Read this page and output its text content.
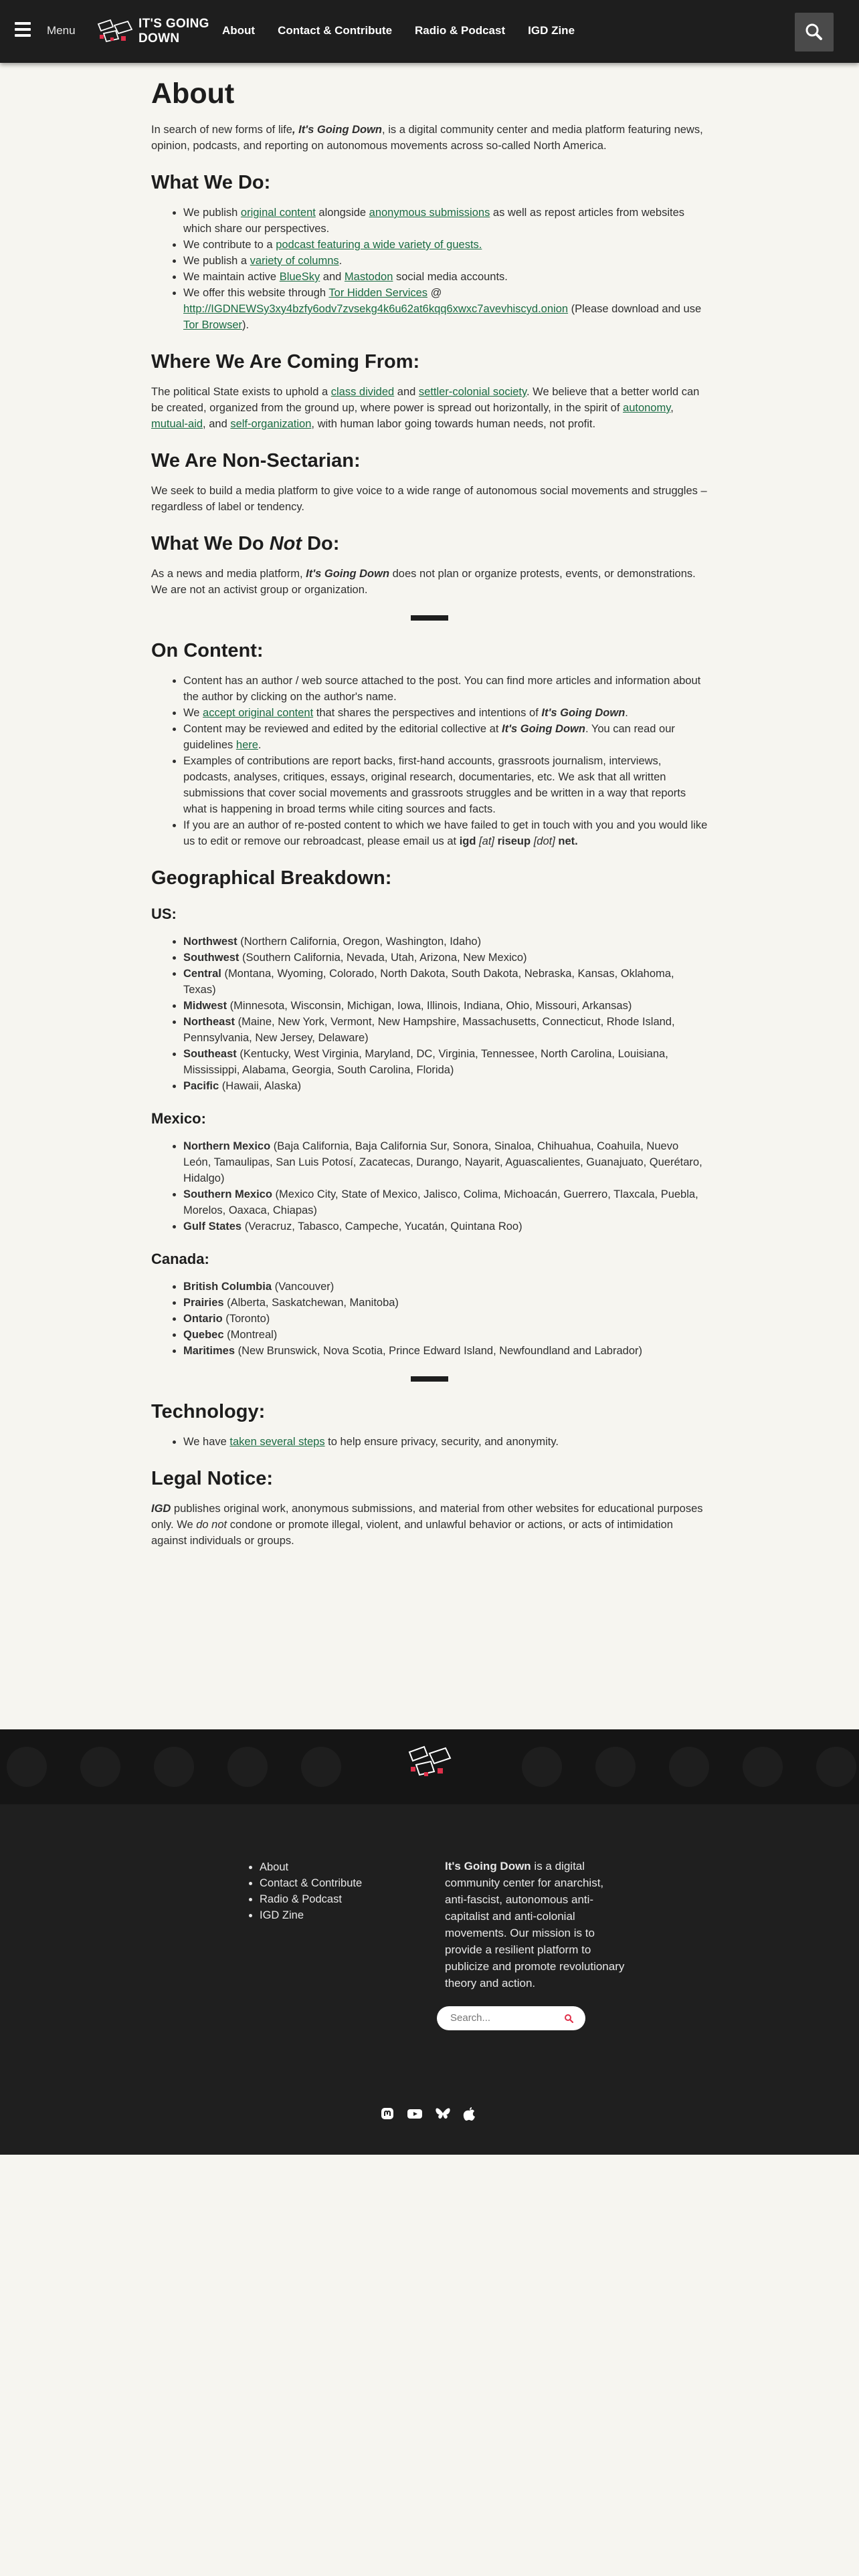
Menu	IT'S GOING
DOWN
About Contact & Contribute Radio & Podcast IGD Zine
About

In search of new forms of life, It's Going Down, is a digital community center and media platform featuring news, opinion, podcasts, and reporting on autonomous movements across so-called North America.

What We Do:
• We publish original content alongside anonymous submissions as well as repost articles from websites which share our perspectives.
• We contribute to a podcast featuring a wide variety of guests.
• We publish a variety of columns.
• We maintain active BlueSky and Mastodon social media accounts.
• We offer this website through Tor Hidden Services @ http://IGDNEWSy3xy4bzfy6odv7zvsekg4k6u62at6kqq6xwxc7avevhiscyd.onion (Please download and use Tor Browser).
Where We Are Coming From:

The political State exists to uphold a class divided and settler-colonial society. We believe that a better world can be created, organized from the ground up, where power is spread out horizontally, in the spirit of autonomy, mutual-aid, and self-organization, with human labor going towards human needs, not profit.

We Are Non-Sectarian:

We seek to build a media platform to give voice to a wide range of autonomous social movements and struggles – regardless of label or tendency.

What We Do Not Do:

As a news and media platform, It's Going Down does not plan or organize protests, events, or demonstrations. We are not an activist group or organization.

On Content:
• Content has an author / web source attached to the post. You can find more articles and information about the author by clicking on the author's name.
• We accept original content that shares the perspectives and intentions of It's Going Down.
• Content may be reviewed and edited by the editorial collective at It's Going Down. You can read our guidelines here.
• Examples of contributions are report backs, first-hand accounts, grassroots journalism, interviews, podcasts, analyses, critiques, essays, original research, documentaries, etc. We ask that all written submissions that cover social movements and grassroots struggles and be written in a way that reports what is happening in broad terms while citing sources and facts.
• If you are an author of re-posted content to which we have failed to get in touch with you and you would like us to edit or remove our rebroadcast, please email us at igd [at] riseup [dot] net.
Geographical Breakdown:
US:
• Northwest (Northern California, Oregon, Washington, Idaho)
• Southwest (Southern California, Nevada, Utah, Arizona, New Mexico)
• Central (Montana, Wyoming, Colorado, North Dakota, South Dakota, Nebraska, Kansas, Oklahoma, Texas)
• Midwest (Minnesota, Wisconsin, Michigan, Iowa, Illinois, Indiana, Ohio, Missouri, Arkansas)
• Northeast (Maine, New York, Vermont, New Hampshire, Massachusetts, Connecticut, Rhode Island, Pennsylvania, New Jersey, Delaware)
• Southeast (Kentucky, West Virginia, Maryland, DC, Virginia, Tennessee, North Carolina, Louisiana, Mississippi, Alabama, Georgia, South Carolina, Florida)
• Pacific (Hawaii, Alaska)
Mexico:
• Northern Mexico (Baja California, Baja California Sur, Sonora, Sinaloa, Chihuahua, Coahuila, Nuevo León, Tamaulipas, San Luis Potosí, Zacatecas, Durango, Nayarit, Aguascalientes, Guanajuato, Querétaro, Hidalgo)
• Southern Mexico (Mexico City, State of Mexico, Jalisco, Colima, Michoacán, Guerrero, Tlaxcala, Puebla, Morelos, Oaxaca, Chiapas)
• Gulf States (Veracruz, Tabasco, Campeche, Yucatán, Quintana Roo)
Canada:
• British Columbia (Vancouver)
• Prairies (Alberta, Saskatchewan, Manitoba)
• Ontario (Toronto)
• Quebec (Montreal)
• Maritimes (New Brunswick, Nova Scotia, Prince Edward Island, Newfoundland and Labrador)
Technology:
• We have taken several steps to help ensure privacy, security, and anonymity.
Legal Notice:

IGD publishes original work, anonymous submissions, and material from other websites for educational purposes only. We do not condone or promote illegal, violent, and unlawful behavior or actions, or acts of intimidation against individuals or groups.

• About
• Contact & Contribute
• Radio & Podcast
• IGD Zine
It's Going Down is a digital community center for anarchist, anti-fascist, autonomous anti-capitalist and anti-colonial movements. Our mission is to provide a resilient platform to publicize and promote revolutionary theory and action.
Search...
